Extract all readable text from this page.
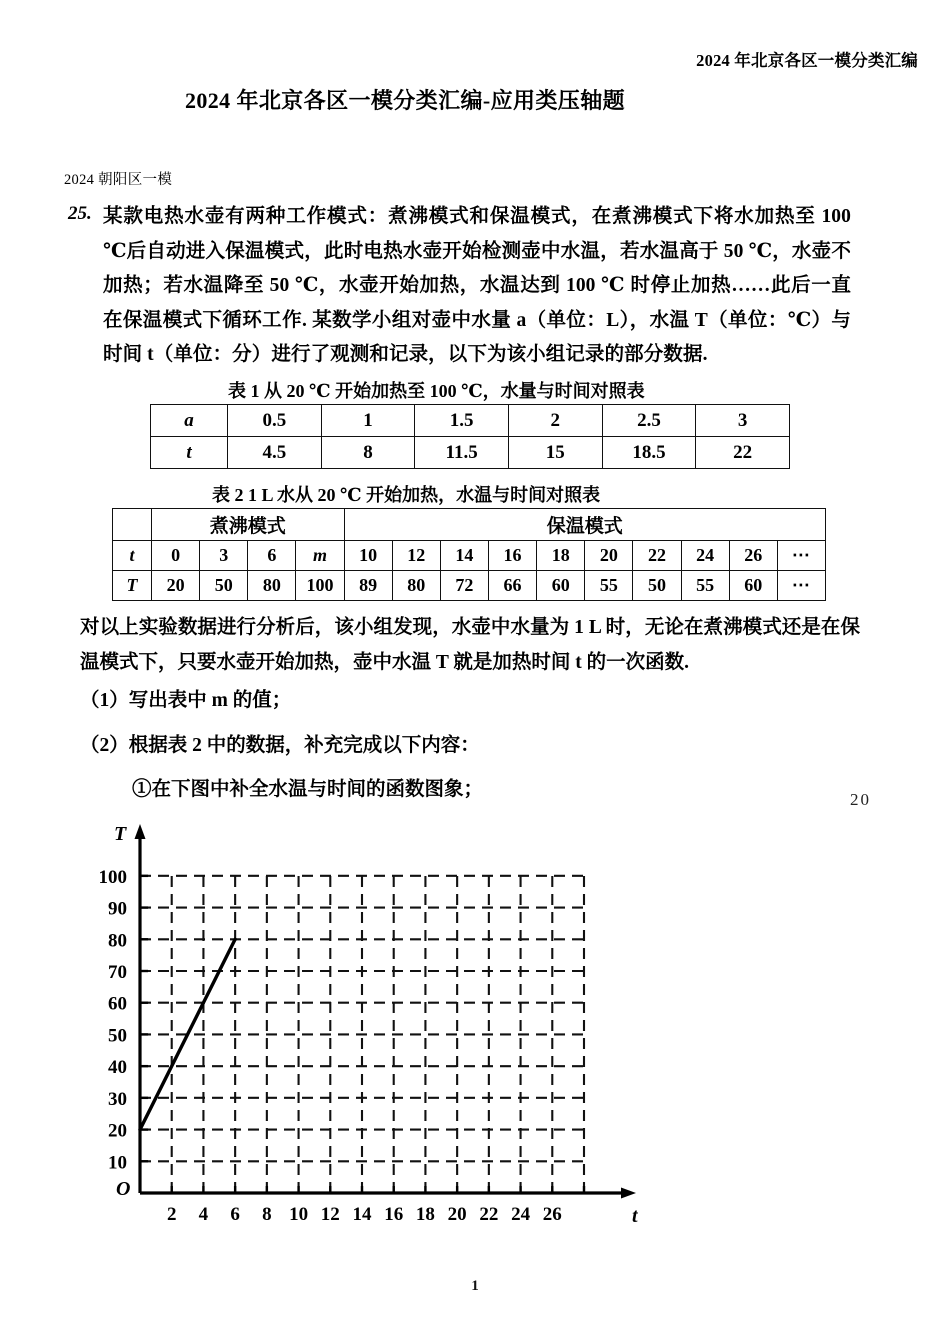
2024 年北京各区一模分类汇编
2024 年北京各区一模分类汇编-应用类压轴题
2024 朝阳区一模
25. 某款电热水壶有两种工作模式：煮沸模式和保温模式，在煮沸模式下将水加热至 100 ℃后自动进入保温模式，此时电热水壶开始检测壶中水温，若水温高于 50 ℃，水壶不加热；若水温降至 50 ℃，水壶开始加热，水温达到 100 ℃ 时停止加热……此后一直在保温模式下循环工作. 某数学小组对壶中水量 a（单位：L），水温 T（单位：℃）与时间 t（单位：分）进行了观测和记录，以下为该小组记录的部分数据.
表 1 从 20 ℃ 开始加热至 100 ℃，水量与时间对照表
a	0.5	1	1.5	2	2.5	3
t	4.5	8	11.5	15	18.5	22
表 2 1 L 水从 20 ℃ 开始加热，水温与时间对照表
	煮沸模式				保温模式									
t	0	3	6	m	10	12	14	16	18	20	22	24	26	⋯
T	20	50	80	100	89	80	72	66	60	55	50	55	60	⋯
对以上实验数据进行分析后，该小组发现，水壶中水量为 1 L 时，无论在煮沸模式还是在保温模式下，只要水壶开始加热，壶中水温 T 就是加热时间 t 的一次函数.
（1）写出表中 m 的值；
（2）根据表 2 中的数据，补充完成以下内容：
①在下图中补全水温与时间的函数图象；	20
1
10
20
30
40
50
60
70
80
90
100
2 4 6 8 10 12 14 16 18 20 22 24 26
T
t
O
